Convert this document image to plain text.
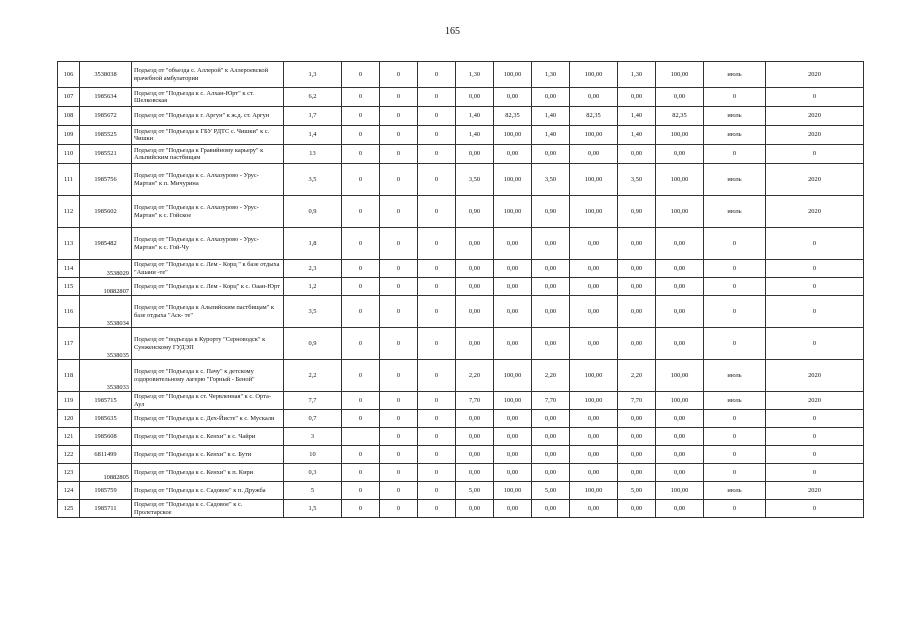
165
106	3538038	Подъезд от "объезда с. Аллерой" к Аллероевской врачебной амбулатории	1,3	0	0	0	1,30	100,00	1,30	100,00	1,30	100,00	июль	2020
107	1985634	Подъезд от "Подъезда к с. Алхан-Юрт" к ст. Шелковская	6,2	0	0	0	0,00	0,00	0,00	0,00	0,00	0,00	0	0
108	1985672	Подъезд от "Подъезда к г. Аргун" к ж.д. ст. Аргун	1,7	0	0	0	1,40	82,35	1,40	82,35	1,40	82,35	июль	2020
109	1985525	Подъезд от "Подъезда к ГБУ РДТС с. Чишки" к с. Чишки	1,4	0	0	0	1,40	100,00	1,40	100,00	1,40	100,00	июль	2020
110	1985521	Подъезд от "Подъезда к Гравийному карьеру" к Альпийским пастбищам	13	0	0	0	0,00	0,00	0,00	0,00	0,00	0,00	0	0
111	1985756	Подъезд от "Подъезда к с. Алхазурово - Урус-Мартан" к п. Мичурина	3,5	0	0	0	3,50	100,00	3,50	100,00	3,50	100,00	июль	2020
112	1985602	Подъезд от "Подъезда к с. Алхазурово - Урус-Мартан" к с. Гойское	0,9	0	0	0	0,90	100,00	0,90	100,00	0,90	100,00	июль	2020
113	1985482	Подъезд от "Подъезда к с. Алхазурово - Урус-Мартан" к с. Гой-Чу	1,8	0	0	0	0,00	0,00	0,00	0,00	0,00	0,00	0	0
114	3538029	Подъезд от "Подъезда к с. Лем - Корц " к базе отдыха "Ашани -те"	2,3	0	0	0	0,00	0,00	0,00	0,00	0,00	0,00	0	0
115	10882807	Подъезд от "Подъезда к с. Лем - Корц" к с. Оаан-Юрт	1,2	0	0	0	0,00	0,00	0,00	0,00	0,00	0,00	0	0
116	3538034	Подъезд от "Подъезда к Альпийским пастбищам" к базе отдыха "Аск- те"	3,5	0	0	0	0,00	0,00	0,00	0,00	0,00	0,00	0	0
117	3538035	Подъезд от "подъезда к Курорту "Серноводск" к Сунженскому ГУДЭП	0,9	0	0	0	0,00	0,00	0,00	0,00	0,00	0,00	0	0
118	3538033	Подъезд от "Подъезда к с. Пачу" к детскому оздоровительному лагерю "Горный - Беной"	2,2	0	0	0	2,20	100,00	2,20	100,00	2,20	100,00	июль	2020
119	1985715	Подъезд от "Подъезда к ст. Червленная" к с. Орта-Аул	7,7	0	0	0	7,70	100,00	7,70	100,00	7,70	100,00	июль	2020
120	1985635	Подъезд от "Подъезда к с. Дех-Йисте" к с. Мускали	0,7	0	0	0	0,00	0,00	0,00	0,00	0,00	0,00	0	0
121	1985608	Подъезд от "Подъезда к с. Кенхи" к с. Чайри	3		0	0	0,00	0,00	0,00	0,00	0,00	0,00	0	0
122	6811499	Подъезд от "Подъезда к с. Кенхи" к с. Бути	10	0	0	0	0,00	0,00	0,00	0,00	0,00	0,00	0	0
123	10882805	Подъезд от "Подъезда к с. Кенхи" к п. Кири	0,3	0	0	0	0,00	0,00	0,00	0,00	0,00	0,00	0	0
124	1985759	Подъезд от "Подъезда к с. Садовое" к п. Дружба	5	0	0	0	5,00	100,00	5,00	100,00	5,00	100,00	июль	2020
125	1985711	Подъезд от "Подъезда к с. Садовое" к с. Пролетарское	1,5	0	0	0	0,00	0,00	0,00	0,00	0,00	0,00	0	0
